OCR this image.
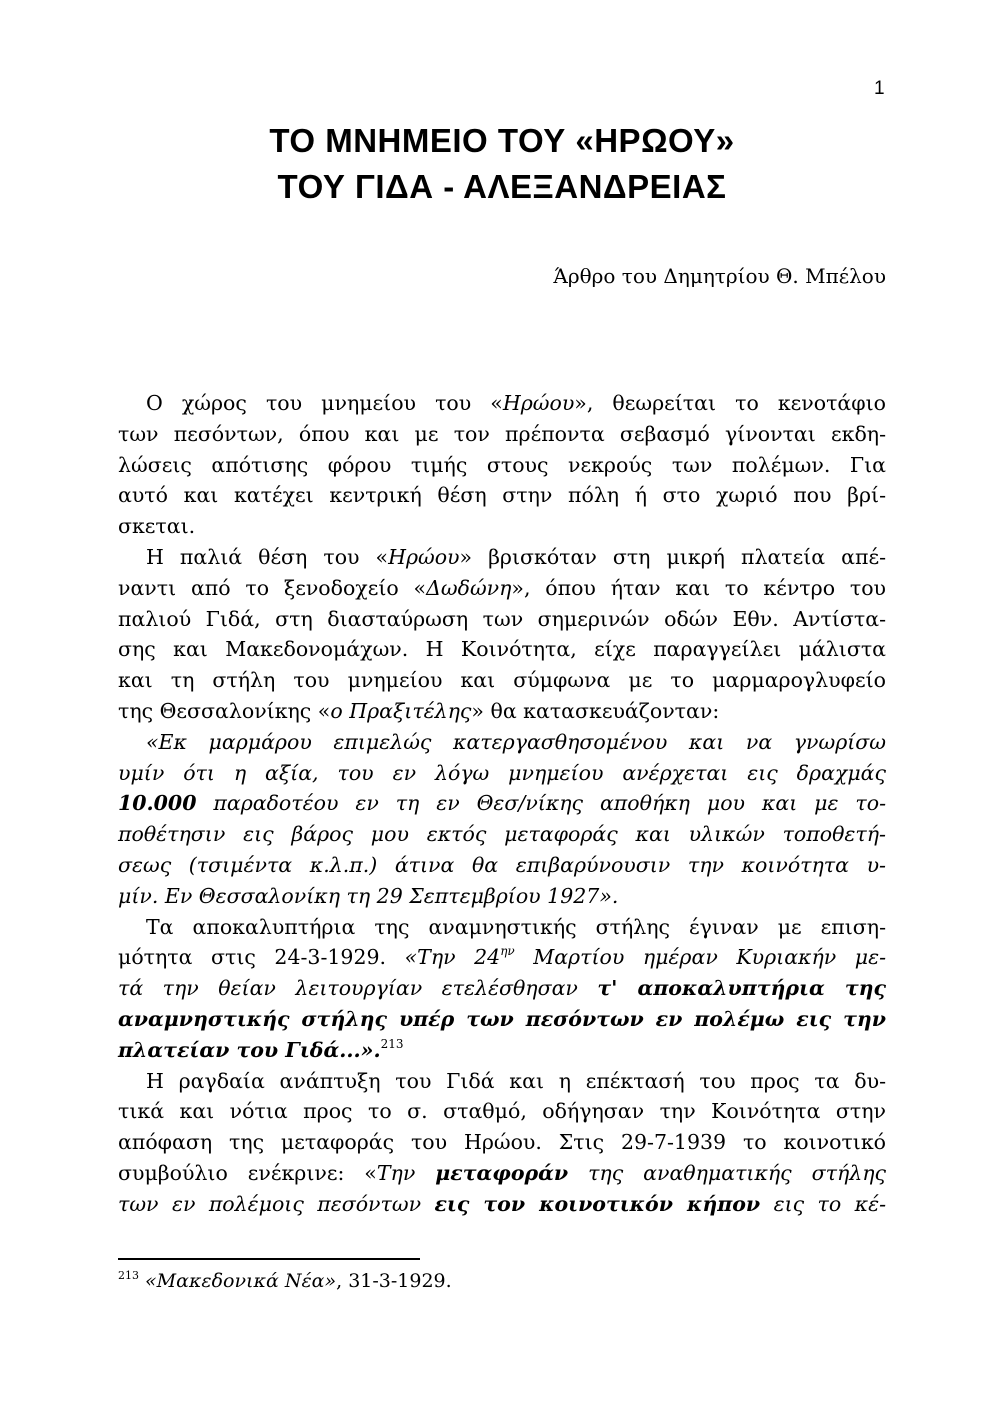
1
ΤΟ ΜΝΗΜΕΙΟ ΤΟΥ «ΗΡΩΟΥ»
ΤΟΥ ΓΙΔΑ - ΑΛΕΞΑΝΔΡΕΙΑΣ
Άρθρο του Δημητρίου Θ. Μπέλου
Ο χώρος του μνημείου του «Ηρώου», θεωρείται το κενοτάφιο
των πεσόντων, όπου και με τον πρέποντα σεβασμό γίνονται εκδη-
λώσεις απότισης φόρου τιμής στους νεκρούς των πολέμων. Για
αυτό και κατέχει κεντρική θέση στην πόλη ή στο χωριό που βρί-
σκεται.
Η παλιά θέση του «Ηρώου» βρισκόταν στη μικρή πλατεία απέ-
ναντι από το ξενοδοχείο «Δωδώνη», όπου ήταν και το κέντρο του
παλιού Γιδά, στη διασταύρωση των σημερινών οδών Εθν. Αντίστα-
σης και Μακεδονομάχων. Η Κοινότητα, είχε παραγγείλει μάλιστα
και τη στήλη του μνημείου και σύμφωνα με το μαρμαρογλυφείο
της Θεσσαλονίκης «ο Πραξιτέλης» θα κατασκευάζονταν:
«Εκ μαρμάρου επιμελώς κατεργασθησομένου και να γνωρίσω
υμίν ότι η αξία, του εν λόγω μνημείου ανέρχεται εις δραχμάς
10.000 παραδοτέου εν τη εν Θεσ/νίκης αποθήκη μου και με το-
ποθέτησιν εις βάρος μου εκτός μεταφοράς και υλικών τοποθετή-
σεως (τσιμέντα κ.λ.π.) άτινα θα επιβαρύνουσιν την κοινότητα υ-
μίν. Εν Θεσσαλονίκη τη 29 Σεπτεμβρίου 1927».
Τα αποκαλυπτήρια της αναμνηστικής στήλης έγιναν με επιση-
μότητα στις 24-3-1929. «Την $24^{\eta\nu}$ Μαρτίου ημέραν Κυριακήν με-
τά την θείαν λειτουργίαν ετελέσθησαν τ' αποκαλυπτήρια της
αναμνηστικής στήλης υπέρ των πεσόντων εν πολέμω εις την
πλατείαν του Γιδά...».$^{213}$
Η ραγδαία ανάπτυξη του Γιδά και η επέκτασή του προς τα δυ-
τικά και νότια προς το σ. σταθμό, οδήγησαν την Κοινότητα στην
απόφαση της μεταφοράς του Ηρώου. Στις 29-7-1939 το κοινοτικό
συμβούλιο ενέκρινε: «Την μεταφοράν της αναθηματικής στήλης
των εν πολέμοις πεσόντων εις τον κοινοτικόν κήπον εις το κέ-
$^{213}$ «Μακεδονικά Νέα», 31-3-1929.
